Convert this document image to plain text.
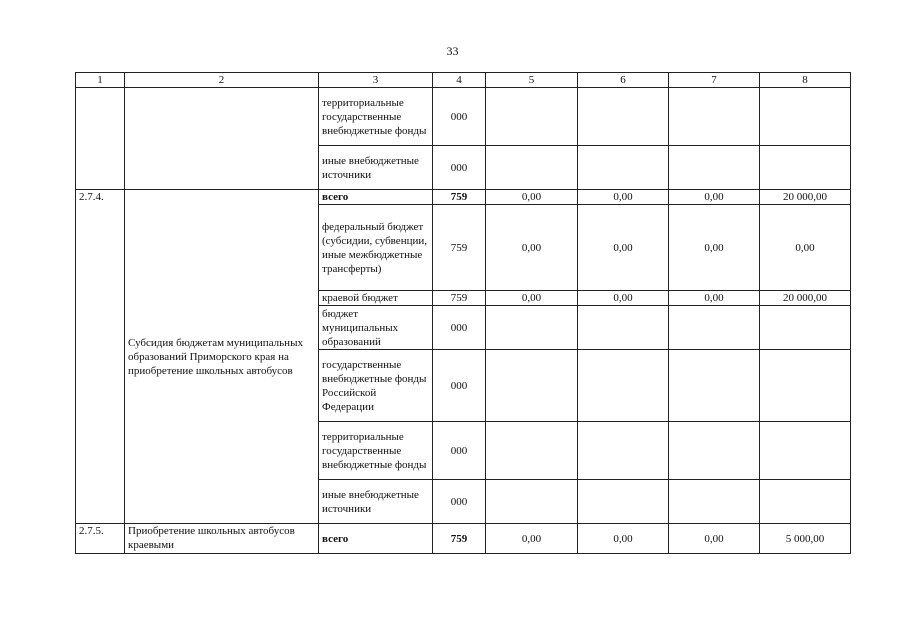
33
1	2	3	4	5	6	7	8
		территориальные государственные внебюджетные фонды	000				
		иные внебюджетные источники	000				
2.7.4.	Субсидия бюджетам муниципальных образований Приморского края на приобретение школьных автобусов	всего	759	0,00	0,00	0,00	20 000,00
		федеральный бюджет (субсидии, субвенции, иные межбюджетные трансферты)	759	0,00	0,00	0,00	0,00
		краевой бюджет	759	0,00	0,00	0,00	20 000,00
		бюджет муниципальных образований	000				
		государственные внебюджетные фонды Российской Федерации	000				
		территориальные государственные внебюджетные фонды	000				
		иные внебюджетные источники	000				
2.7.5.	Приобретение школьных автобусов краевыми	всего	759	0,00	0,00	0,00	5 000,00
